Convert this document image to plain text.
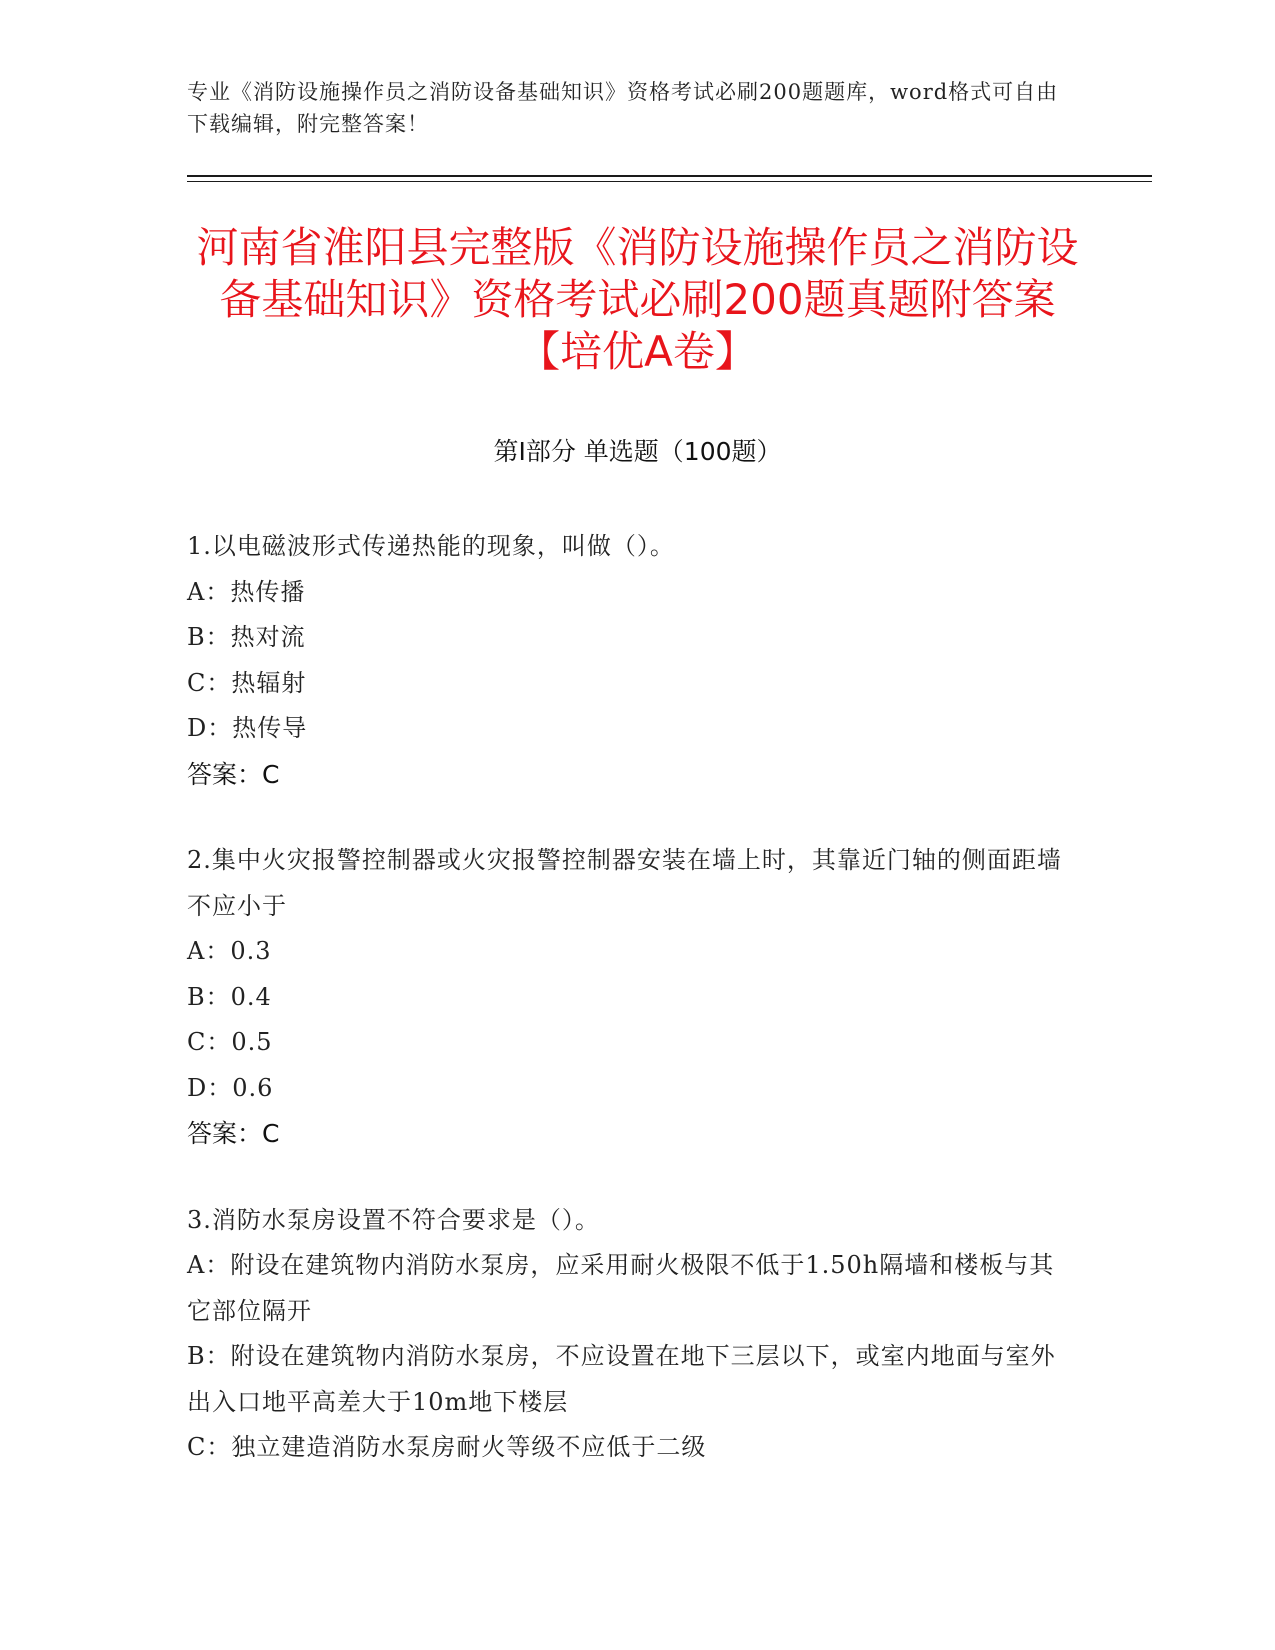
专业《消防设施操作员之消防设备基础知识》资格考试必刷200题题库，word格式可自由下载编辑，附完整答案！
河南省淮阳县完整版《消防设施操作员之消防设备基础知识》资格考试必刷200题真题附答案【培优A卷】
第Ⅰ部分 单选题（100题）
1.以电磁波形式传递热能的现象，叫做（）。
A：热传播
B：热对流
C：热辐射
D：热传导
答案：C
2.集中火灾报警控制器或火灾报警控制器安装在墙上时，其靠近门轴的侧面距墙不应小于
A：0.3
B：0.4
C：0.5
D：0.6
答案：C
3.消防水泵房设置不符合要求是（）。
A：附设在建筑物内消防水泵房，应采用耐火极限不低于1.50h隔墙和楼板与其它部位隔开
B：附设在建筑物内消防水泵房，不应设置在地下三层以下，或室内地面与室外出入口地平高差大于10m地下楼层
C：独立建造消防水泵房耐火等级不应低于二级
